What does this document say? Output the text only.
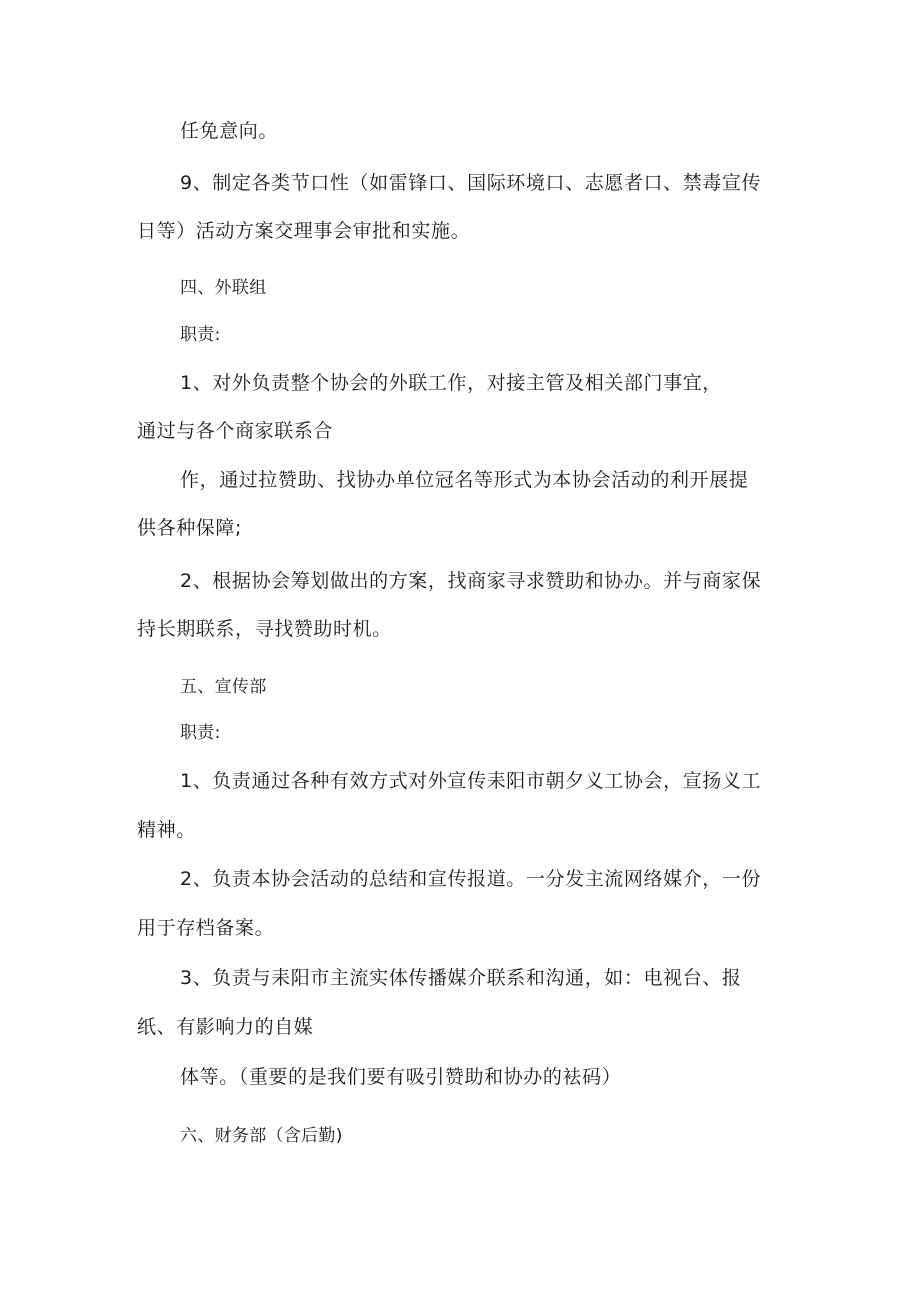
任免意向。
9、制定各类节口性（如雷锋口、国际环境口、志愿者口、禁毒宣传
日等）活动方案交理事会审批和实施。
四、外联组
职责:
1、对外负责整个协会的外联工作，对接主管及相关部门事宜，
通过与各个商家联系合
作，通过拉赞助、找协办单位冠名等形式为本协会活动的利开展提
供各种保障;
2、根据协会筹划做出的方案，找商家寻求赞助和协办。并与商家保
持长期联系，寻找赞助时机。
五、宣传部
职责:
1、负责通过各种有效方式对外宣传耒阳市朝夕义工协会，宣扬义工
精神。
2、负责本协会活动的总结和宣传报道。一分发主流网络媒介，一份
用于存档备案。
3、负责与耒阳市主流实体传播媒介联系和沟通，如：电视台、报
纸、有影响力的自媒
体等。（重要的是我们要有吸引赞助和协办的袪码）
六、财务部（含后勤)
